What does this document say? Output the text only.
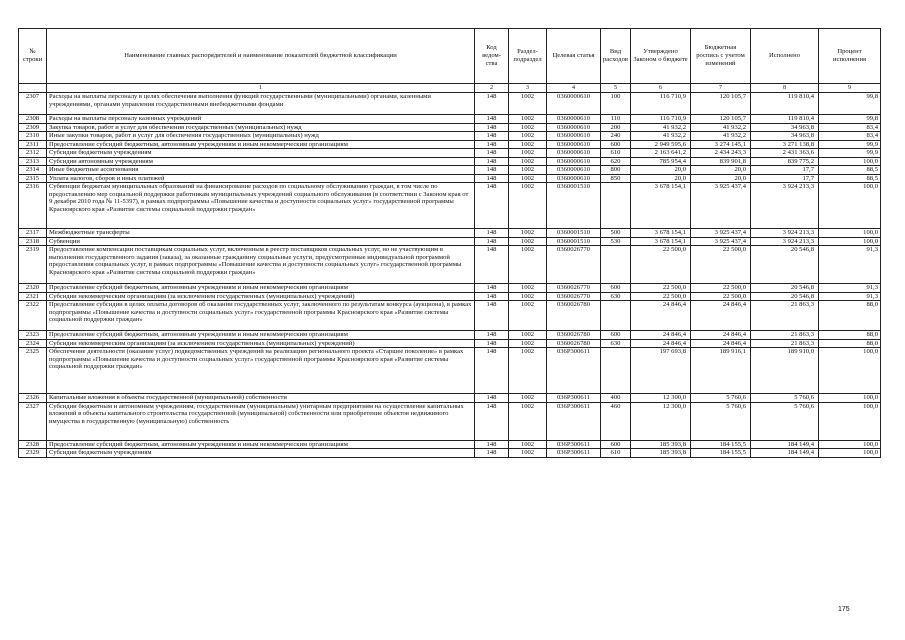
№ строки	Наименование главных распорядителей и наименование показателей бюджетной классификации	Код ведом-ства	Раздел-подраздел	Целевая статья	Вид расходов	Утверждено Законом о бюджете	Бюджетная роспись с учетом изменений	Исполнено	Процент исполнения
	1	2	3	4	5	6	7	8	9
2307	Расходы на выплаты персоналу в целях обеспечения выполнения функций государственными (муниципальными) органами, казенными учреждениями, органами управления государственными внебюджетными фондами	148	1002	0360000610	100	116 710,9	120 105,7	119 810,4	99,8
2308	Расходы на выплаты персоналу казенных учреждений	148	1002	0360000610	110	116 710,9	120 105,7	119 810,4	99,8
2309	Закупка товаров, работ и услуг для обеспечения государственных (муниципальных) нужд	148	1002	0360000610	200	41 932,2	41 932,2	34 963,8	83,4
2310	Иные закупки товаров, работ и услуг для обеспечения государственных (муниципальных) нужд	148	1002	0360000610	240	41 932,2	41 932,2	34 963,8	83,4
2311	Предоставление субсидий бюджетным, автономным учреждениям и иным некоммерческим организациям	148	1002	0360000610	600	2 949 595,6	3 274 145,1	3 271 138,8	99,9
2312	Субсидии бюджетным учреждениям	148	1002	0360000610	610	2 163 641,2	2 434 243,3	2 431 363,6	99,9
2313	Субсидии автономным учреждениям	148	1002	0360000610	620	785 954,4	839 901,8	839 775,2	100,0
2314	Иные бюджетные ассигнования	148	1002	0360000610	800	20,0	20,0	17,7	88,5
2315	Уплата налогов, сборов и иных платежей	148	1002	0360000610	850	20,0	20,0	17,7	88,5
2316	Субвенции бюджетам муниципальных образований на финансирование расходов по социальному обслуживанию граждан, в том числе по предоставлению мер социальной поддержки работникам муниципальных учреждений социального обслуживания (в соответствии с Законом края от 9 декабря 2010 года № 11-5397), в рамках подпрограммы «Повышение качества и доступности социальных услуг» государственной программы Красноярского края «Развитие системы социальной поддержки граждан»	148	1002	0360001510		3 678 154,1	3 925 437,4	3 924 213,3	100,0
2317	Межбюджетные трансферты	148	1002	0360001510	500	3 678 154,1	3 925 437,4	3 924 213,3	100,0
2318	Субвенции	148	1002	0360001510	530	3 678 154,1	3 925 437,4	3 924 213,3	100,0
2319	Предоставление компенсации поставщикам социальных услуг, включенным в реестр поставщиков социальных услуг, но не участвующим в выполнении государственного задания (заказа), за оказанные гражданину социальные услуги, предусмотренные индивидуальной программой предоставления социальных услуг, в рамках подпрограммы «Повышение качества и доступности социальных услуг» государственной программы Красноярского края «Развитие системы социальной поддержки граждан»	148	1002	0360026770		22 500,0	22 500,0	20 546,8	91,3
2320	Предоставление субсидий бюджетным, автономным учреждениям и иным некоммерческим организациям	148	1002	0360026770	600	22 500,0	22 500,0	20 546,8	91,3
2321	Субсидии некоммерческим организациям (за исключением государственных (муниципальных) учреждений)	148	1002	0360026770	630	22 500,0	22 500,0	20 546,8	91,3
2322	Предоставление субсидии в целях оплаты договоров об оказании государственных услуг, заключенного по результатам конкурса (аукциона), в рамках подпрограммы «Повышение качества и доступности социальных услуг» государственной программы Красноярского края «Развитие системы социальной поддержки граждан»	148	1002	0360026780		24 846,4	24 846,4	21 863,3	88,0
2323	Предоставление субсидий бюджетным, автономным учреждениям и иным некоммерческим организациям	148	1002	0360026780	600	24 846,4	24 846,4	21 863,3	88,0
2324	Субсидии некоммерческим организациям (за исключением государственных (муниципальных) учреждений)	148	1002	0360026780	630	24 846,4	24 846,4	21 863,3	88,0
2325	Обеспечение деятельности (оказание услуг) подведомственных учреждений на реализацию регионального проекта «Старшее поколение» в рамках подпрограммы «Повышение качества и доступности социальных услуг» государственной программы Красноярского края «Развитие системы социальной поддержки граждан»	148	1002	036P300611		197 693,8	189 916,1	189 910,0	100,0
2326	Капитальные вложения в объекты государственной (муниципальной) собственности	148	1002	036P300611	400	12 300,0	5 760,6	5 760,6	100,0
2327	Субсидии бюджетным и автономным учреждениям, государственным (муниципальным) унитарным предприятиям на осуществление капитальных вложений в объекты капитального строительства государственной (муниципальной) собственности или приобретение объектов недвижимого имущества в государственную (муниципальную) собственность	148	1002	036P300611	460	12 300,0	5 760,6	5 760,6	100,0
2328	Предоставление субсидий бюджетным, автономным учреждениям и иным некоммерческим организациям	148	1002	036P300611	600	185 393,8	184 155,5	184 149,4	100,0
2329	Субсидии бюджетным учреждениям	148	1002	036P300611	610	185 393,8	184 155,5	184 149,4	100,0
175
